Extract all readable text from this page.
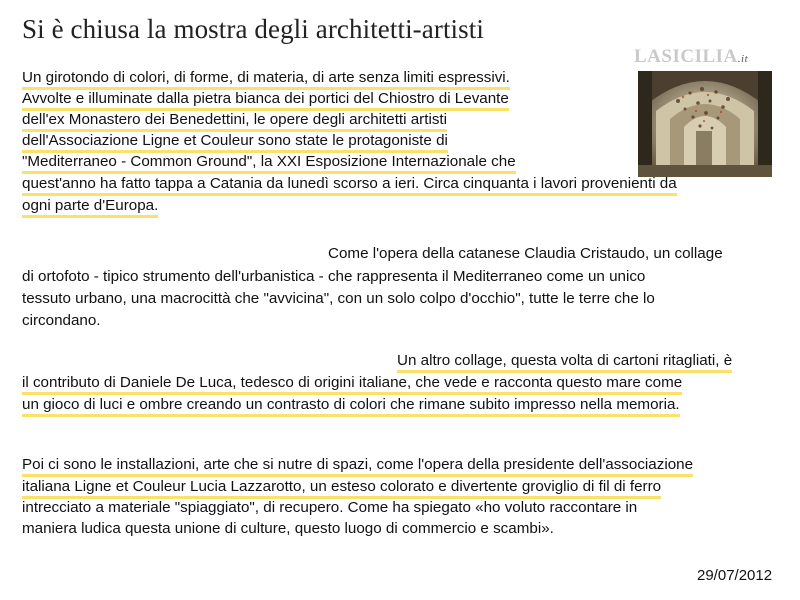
Si è chiusa la mostra degli architetti-artisti
LASICILIA.it
Un girotondo di colori, di forme, di materia, di arte senza limiti espressivi.
Avvolte e illuminate dalla pietra bianca dei portici del Chiostro di Levante
dell'ex Monastero dei Benedettini, le opere degli architetti artisti
dell'Associazione Ligne et Couleur sono state le protagoniste di
"Mediterraneo - Common Ground", la XXI Esposizione Internazionale che
quest'anno ha fatto tappa a Catania da lunedì scorso a ieri. Circa cinquanta i lavori provenienti da
ogni parte d'Europa.
Come l'opera della catanese Claudia Cristaudo, un collage
di ortofoto - tipico strumento dell'urbanistica - che rappresenta il Mediterraneo come un unico
tessuto urbano, una macrocittà che "avvicina", con un solo colpo d'occhio", tutte le terre che lo
circondano.
Un altro collage, questa volta di cartoni ritagliati, è
il contributo di Daniele De Luca, tedesco di origini italiane, che vede e racconta questo mare come
un gioco di luci e ombre creando un contrasto di colori che rimane subito impresso nella memoria.
Poi ci sono le installazioni, arte che si nutre di spazi, come l'opera della presidente dell'associazione
italiana Ligne et Couleur Lucia Lazzarotto, un esteso colorato e divertente groviglio di fil di ferro
intrecciato a materiale "spiaggiato", di recupero. Come ha spiegato «ho voluto raccontare in
maniera ludica questa unione di culture, questo luogo di commercio e scambi».
29/07/2012
